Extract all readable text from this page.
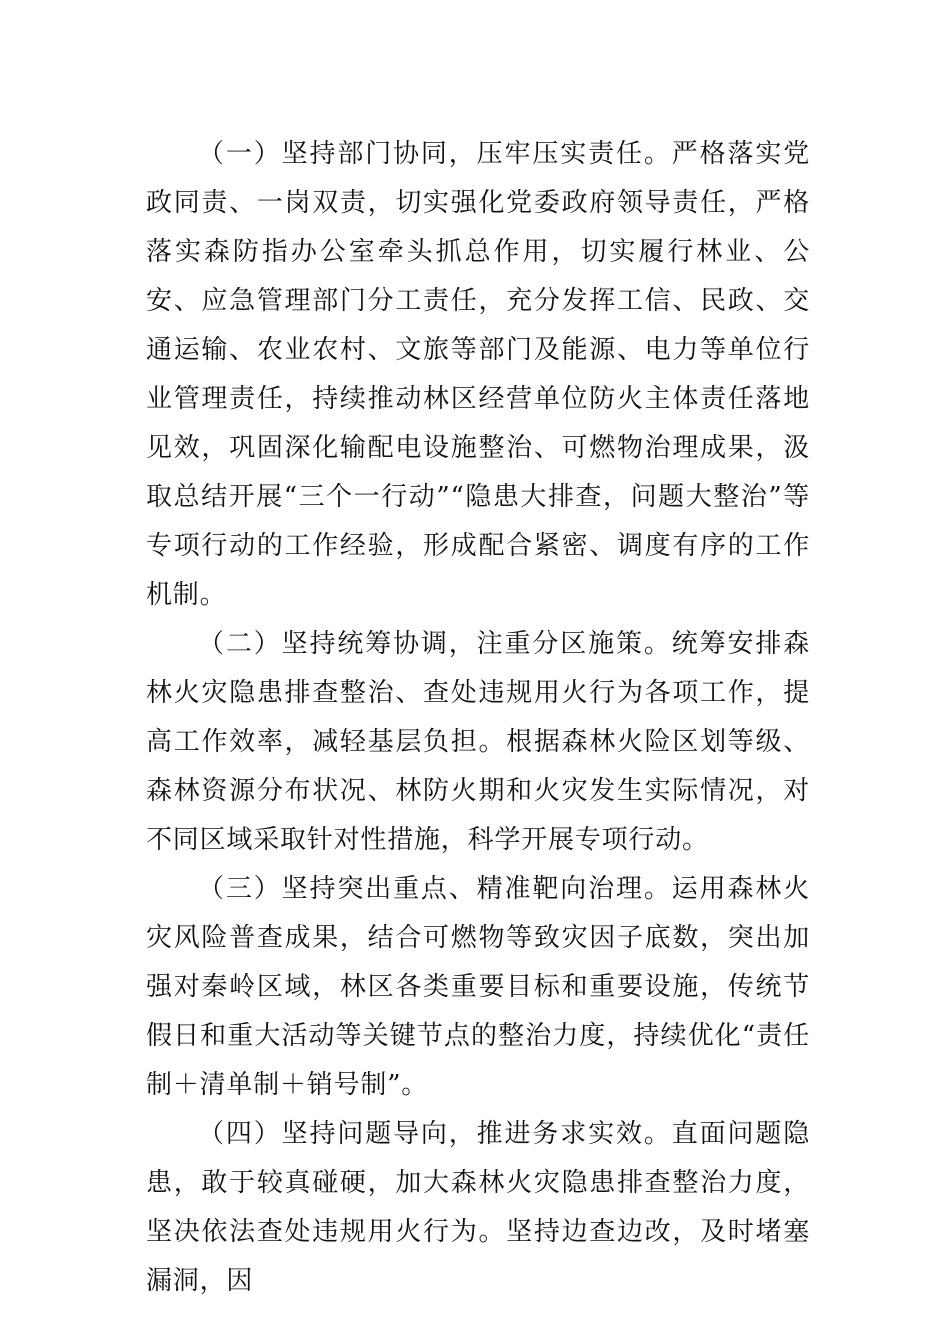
（一）坚持部门协同，压牢压实责任。严格落实党政同责、一岗双责，切实强化党委政府领导责任，严格落实森防指办公室牵头抓总作用，切实履行林业、公安、应急管理部门分工责任，充分发挥工信、民政、交通运输、农业农村、文旅等部门及能源、电力等单位行业管理责任，持续推动林区经营单位防火主体责任落地见效，巩固深化输配电设施整治、可燃物治理成果，汲取总结开展“三个一行动”“隐患大排查，问题大整治”等专项行动的工作经验，形成配合紧密、调度有序的工作机制。

（二）坚持统筹协调，注重分区施策。统筹安排森林火灾隐患排查整治、查处违规用火行为各项工作，提高工作效率，减轻基层负担。根据森林火险区划等级、森林资源分布状况、林防火期和火灾发生实际情况，对不同区域采取针对性措施，科学开展专项行动。

（三）坚持突出重点、精准靶向治理。运用森林火灾风险普查成果，结合可燃物等致灾因子底数，突出加强对秦岭区域，林区各类重要目标和重要设施，传统节假日和重大活动等关键节点的整治力度，持续优化“责任制＋清单制＋销号制”。

（四）坚持问题导向，推进务求实效。直面问题隐患，敢于较真碰硬，加大森林火灾隐患排查整治力度，坚决依法查处违规用火行为。坚持边查边改，及时堵塞漏洞，因
